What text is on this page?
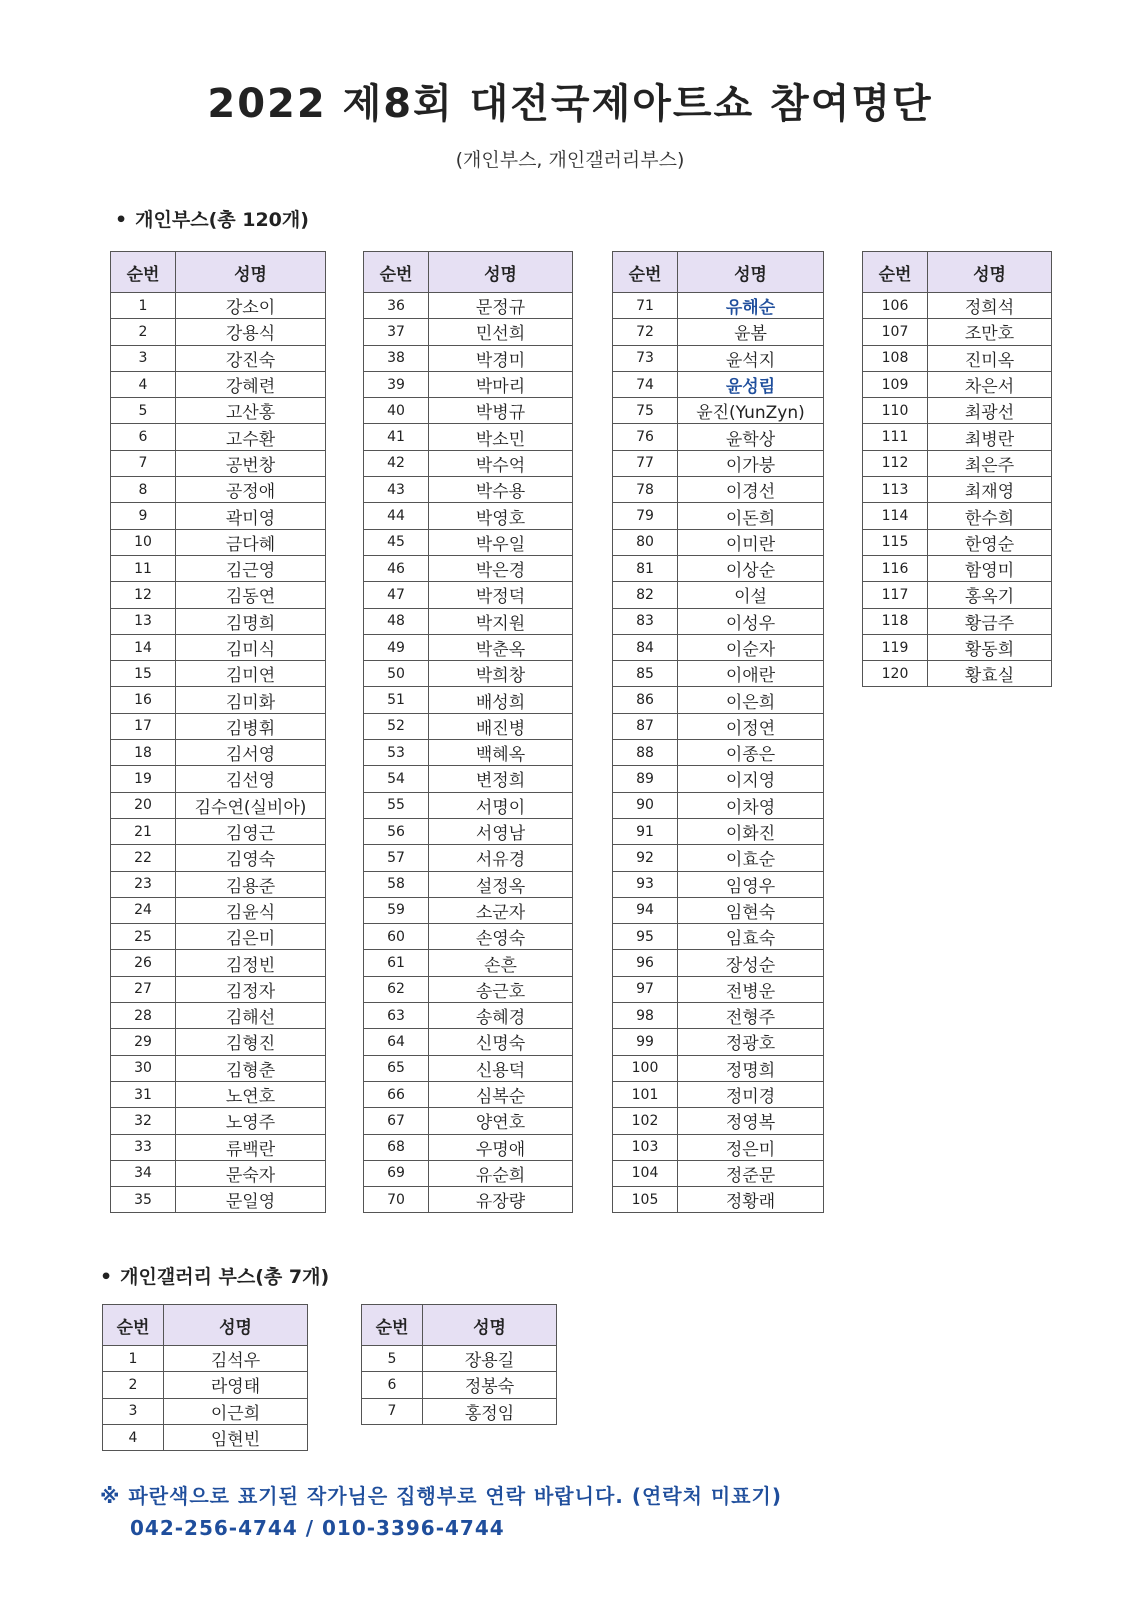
2022 제8회 대전국제아트쇼 참여명단
(개인부스, 개인갤러리부스)
• 개인부스(총 120개)
순번	성명
1	강소이
2	강용식
3	강진숙
4	강혜련
5	고산홍
6	고수환
7	공번창
8	공정애
9	곽미영
10	금다혜
11	김근영
12	김동연
13	김명희
14	김미식
15	김미연
16	김미화
17	김병휘
18	김서영
19	김선영
20	김수연(실비아)
21	김영근
22	김영숙
23	김용준
24	김윤식
25	김은미
26	김정빈
27	김정자
28	김해선
29	김형진
30	김형춘
31	노연호
32	노영주
33	류백란
34	문숙자
35	문일영
순번	성명
36	문정규
37	민선희
38	박경미
39	박마리
40	박병규
41	박소민
42	박수억
43	박수용
44	박영호
45	박우일
46	박은경
47	박정덕
48	박지원
49	박춘옥
50	박희창
51	배성희
52	배진병
53	백혜옥
54	변정희
55	서명이
56	서영남
57	서유경
58	설정옥
59	소군자
60	손영숙
61	손흔
62	송근호
63	송혜경
64	신명숙
65	신용덕
66	심복순
67	양연호
68	우명애
69	유순희
70	유장량
순번	성명
71	유해순
72	윤봄
73	윤석지
74	윤성림
75	윤진(YunZyn)
76	윤학상
77	이가붕
78	이경선
79	이돈희
80	이미란
81	이상순
82	이설
83	이성우
84	이순자
85	이애란
86	이은희
87	이정연
88	이종은
89	이지영
90	이차영
91	이화진
92	이효순
93	임영우
94	임현숙
95	임효숙
96	장성순
97	전병운
98	전형주
99	정광호
100	정명희
101	정미경
102	정영복
103	정은미
104	정준문
105	정황래
순번	성명
106	정희석
107	조만호
108	진미옥
109	차은서
110	최광선
111	최병란
112	최은주
113	최재영
114	한수희
115	한영순
116	함영미
117	홍옥기
118	황금주
119	황동희
120	황효실
• 개인갤러리 부스(총 7개)
순번	성명
1	김석우
2	라영태
3	이근희
4	임현빈
순번	성명
5	장용길
6	정봉숙
7	홍정임
※ 파란색으로 표기된 작가님은 집행부로 연락 바랍니다. (연락처 미표기)
042-256-4744 / 010-3396-4744
